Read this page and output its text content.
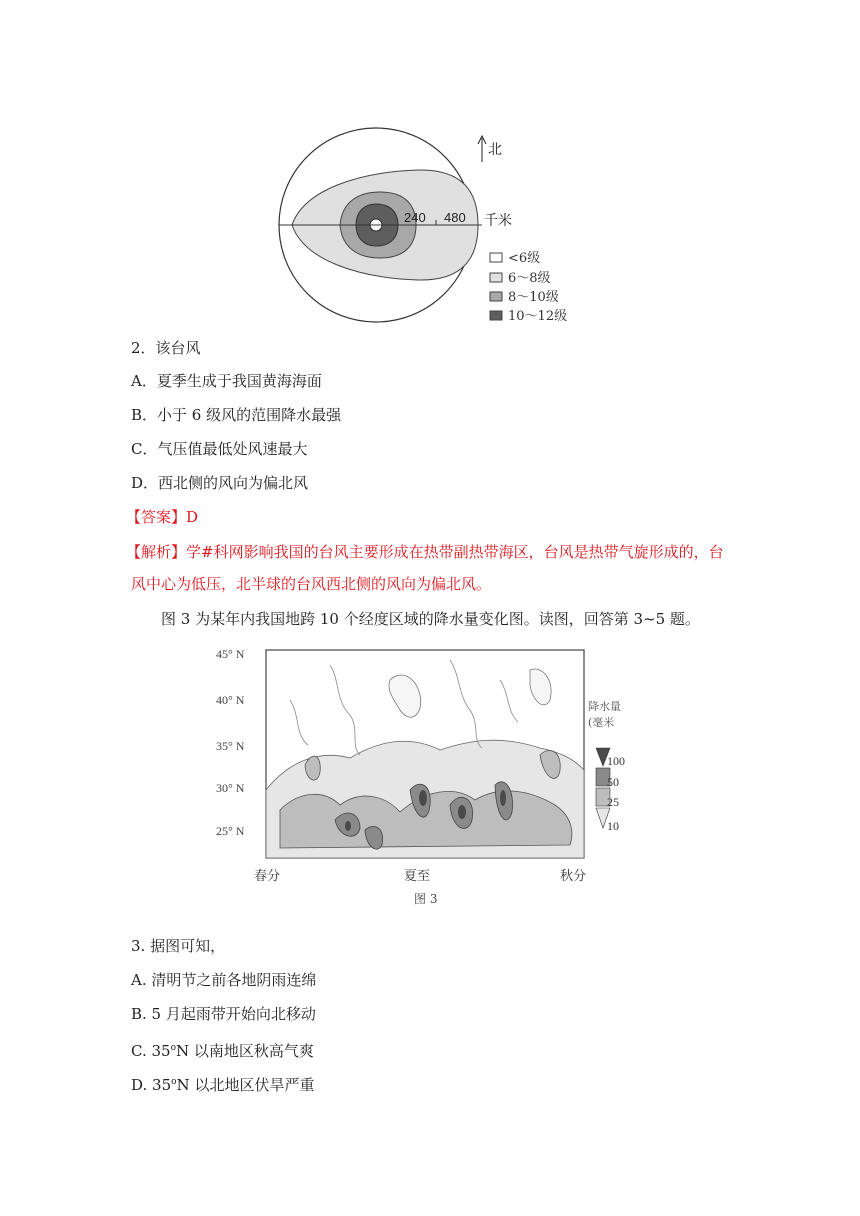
240 480 千米
北
<6级
6～8级
8～10级
10～12级
2．该台风
A．夏季生成于我国黄海海面
B．小于 6 级风的范围降水最强
C．气压值最低处风速最大
D．西北侧的风向为偏北风
【答案】D
【解析】学#科网影响我国的台风主要形成在热带副热带海区，台风是热带气旋形成的，台
风中心为低压，北半球的台风西北侧的风向为偏北风。
图 3 为某年内我国地跨 10 个经度区域的降水量变化图。读图，回答第 3~5 题。
45° N
40° N
35° N
30° N
25° N
春分	夏至	秋分
图 3
降水量
(毫米
100
50
25
10
3. 据图可知，
A. 清明节之前各地阴雨连绵
B. 5 月起雨带开始向北移动
C. 35$^o$N 以南地区秋高气爽
D. 35$^o$N 以北地区伏旱严重
